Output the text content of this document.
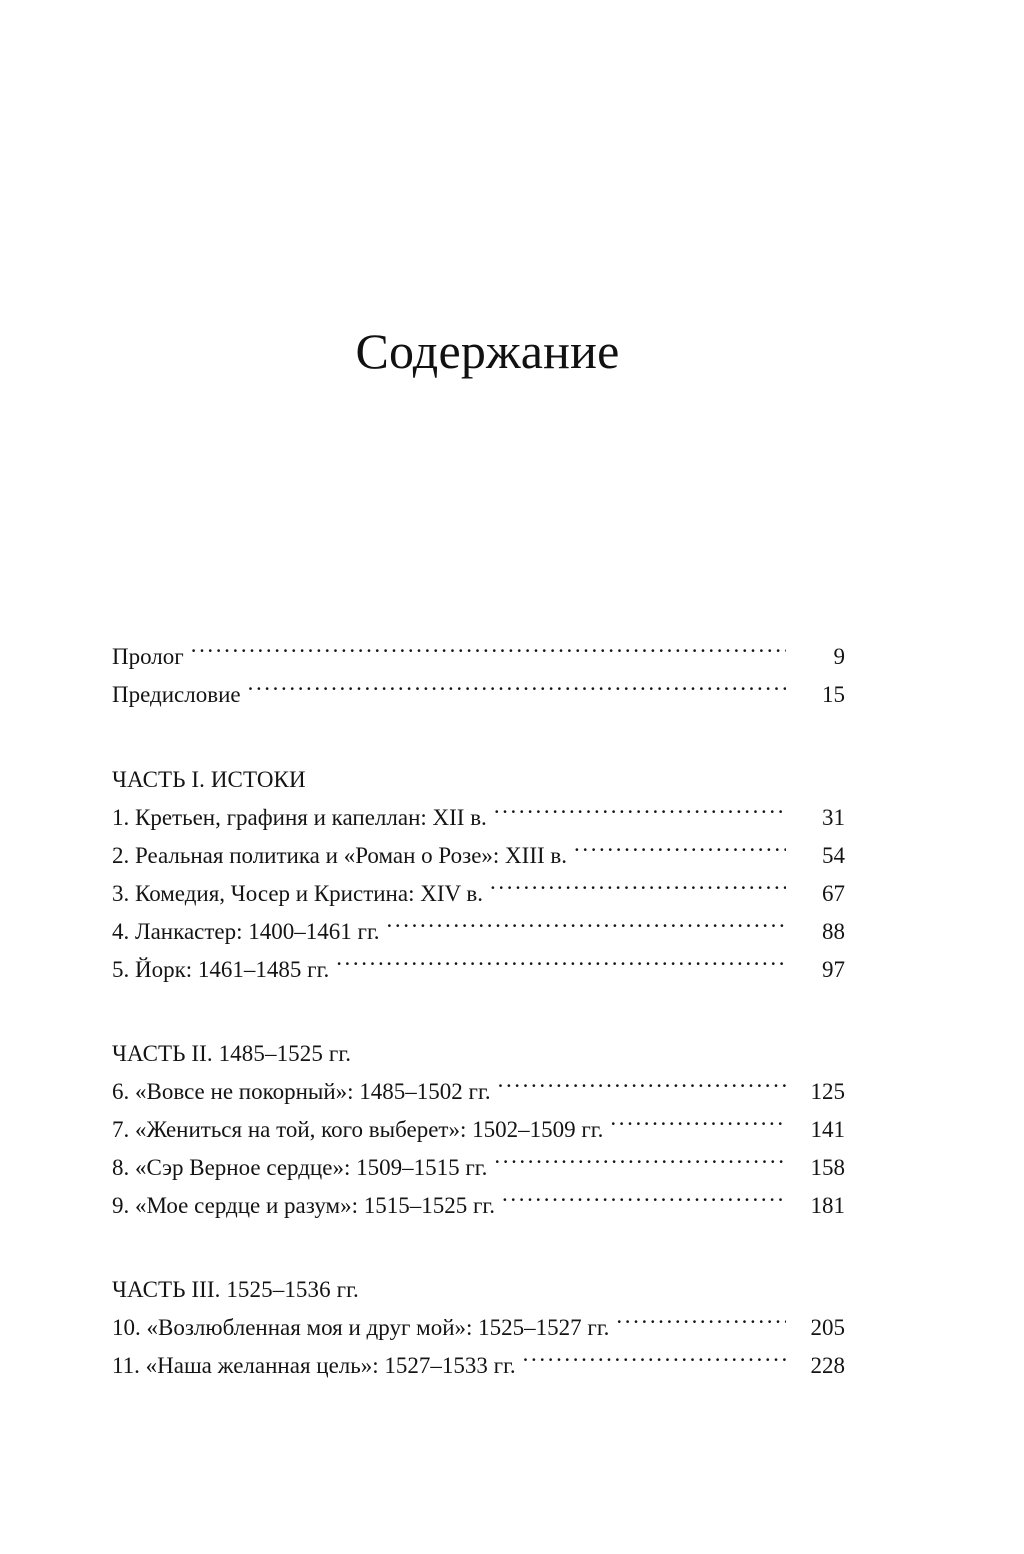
Содержание
Пролог .....	9
Предисловие .....	15
ЧАСТЬ I. ИСТОКИ
1. Кретьен, графиня и капеллан: XII в. .....	31
2. Реальная политика и «Роман о Розе»: XIII в. .....	54
3. Комедия, Чосер и Кристина: XIV в. .....	67
4. Ланкастер: 1400–1461 гг. .....	88
5. Йорк: 1461–1485 гг. .....	97
ЧАСТЬ II. 1485–1525 гг.
6. «Вовсе не покорный»: 1485–1502 гг. .....	125
7. «Жениться на той, кого выберет»: 1502–1509 гг. .....	141
8. «Сэр Верное сердце»: 1509–1515 гг. .....	158
9. «Мое сердце и разум»: 1515–1525 гг. .....	181
ЧАСТЬ III. 1525–1536 гг.
10. «Возлюбленная моя и друг мой»: 1525–1527 гг. .....	205
11. «Наша желанная цель»: 1527–1533 гг. .....	228
